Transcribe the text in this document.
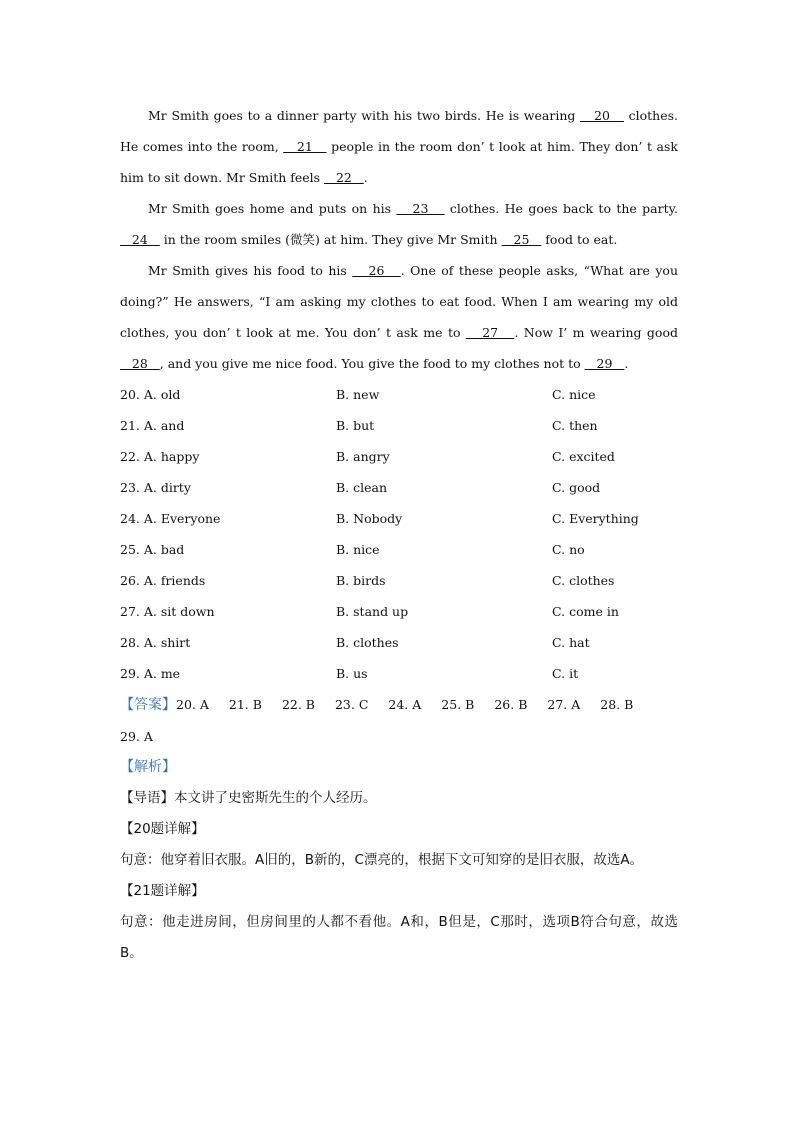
Mr Smith goes to a dinner party with his two birds. He is wearing    20    clothes. He comes into the room,    21    people in the room don’ t look at him. They don’ t ask him to sit down. Mr Smith feels    22   .

Mr Smith goes home and puts on his    23    clothes. He goes back to the party.    24    in the room smiles (微笑) at him. They give Mr Smith    25    food to eat.

Mr Smith gives his food to his    26   . One of these people asks, “What are you doing?” He answers, “I am asking my clothes to eat food. When I am wearing my old clothes, you don’ t look at me. You don’ t ask me to    27   . Now I’ m wearing good    28   , and you give me nice food. You give the food to my clothes not to    29   .

20. A. old	B. new	C. nice
21. A. and	B. but	C. then
22. A. happy	B. angry	C. excited
23. A. dirty	B. clean	C. good
24. A. Everyone	B. Nobody	C. Everything
25. A. bad	B. nice	C. no
26. A. friends	B. birds	C. clothes
27. A. sit down	B. stand up	C. come in
28. A. shirt	B. clothes	C. hat
29. A. me	B. us	C. it
【答案】20. A 21. B 22. B 23. C 24. A 25. B 26. B 27. A 28. B29. A
【解析】

【导语】本文讲了史密斯先生的个人经历。

【20题详解】

句意：他穿着旧衣服。A旧的，B新的，C漂亮的，根据下文可知穿的是旧衣服，故选A。

【21题详解】

句意：他走进房间，但房间里的人都不看他。A和，B但是，C那时，选项B符合句意，故选B。
